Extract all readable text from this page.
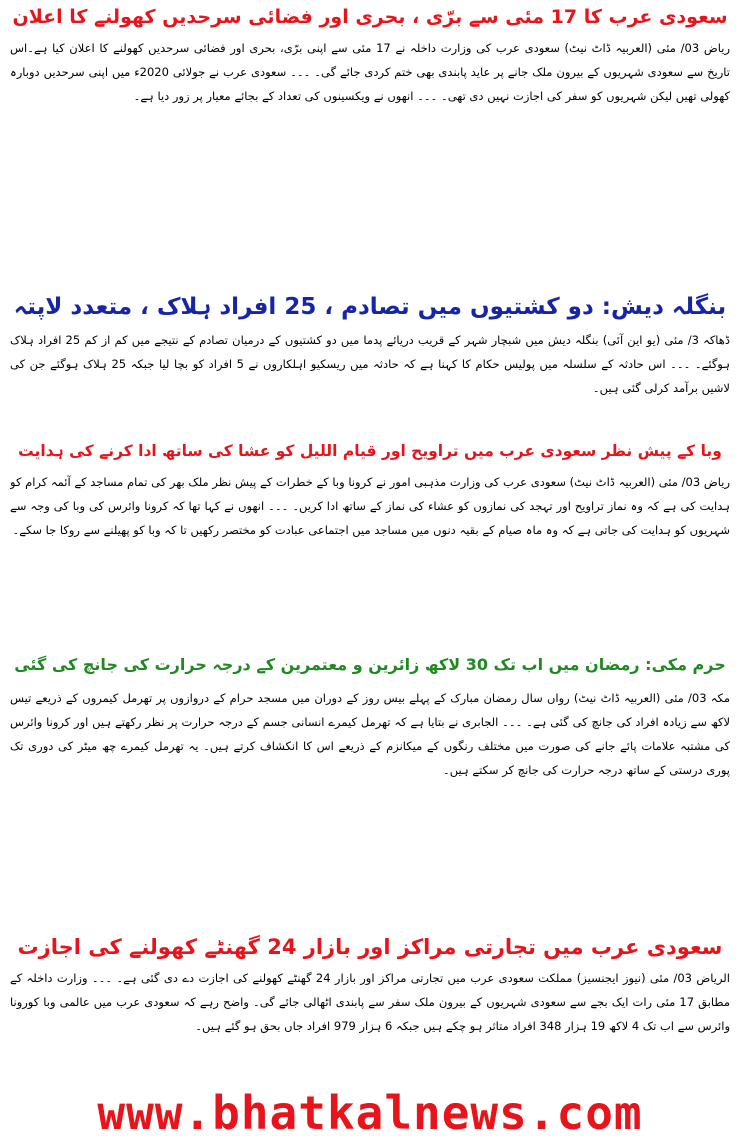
سعودی عرب کا 17 مئی سے برّی ، بحری اور فضائی سرحدیں کھولنے کا اعلان

ریاض 03/ مئی (العربیہ ڈاٹ نیٹ) سعودی عرب کی وزارت داخلہ نے 17 مئی سے اپنی برّی، بحری اور فضائی سرحدیں کھولنے کا اعلان کیا ہے۔اس تاریخ سے سعودی شہریوں کے بیرون ملک جانے پر عاید پابندی بھی ختم کردی جائے گی۔ ۔۔۔ سعودی عرب نے جولائی 2020ء میں اپنی سرحدیں دوبارہ کھولی تھیں لیکن شہریوں کو سفر کی اجازت نہیں دی تھی۔ ۔۔۔ انھوں نے ویکسینوں کی تعداد کے بجائے معیار پر زور دیا ہے۔

بنگلہ دیش: دو کشتیوں میں تصادم ، 25 افراد ہلاک ، متعدد لاپتہ

ڈھاکہ 3/ مئی (یو این آئی) بنگلہ دیش میں شبچار شہر کے قریب دریائے پدما میں دو کشتیوں کے درمیان تصادم کے نتیجے میں کم از کم 25 افراد ہلاک ہوگئے۔ ۔۔۔ اس حادثہ کے سلسلہ میں پولیس حکام کا کہنا ہے کہ حادثہ میں ریسکیو اہلکاروں نے 5 افراد کو بچا لیا جبکہ 25 ہلاک ہوگئے جن کی لاشیں برآمد کرلی گئی ہیں۔

وبا کے پیش نظر سعودی عرب میں تراویح اور قیام اللیل کو عشا کی ساتھ ادا کرنے کی ہدایت

ریاض 03/ مئی (العربیہ ڈاٹ نیٹ) سعودی عرب کی وزارت مذہبی امور نے کرونا وبا کے خطرات کے پیش نظر ملک بھر کی تمام مساجد کے آئمہ کرام کو ہدایت کی ہے کہ وہ نماز تراویح اور تہجد کی نمازوں کو عشاء کی نماز کے ساتھ ادا کریں۔ ۔۔۔ انھوں نے کہا تھا کہ کرونا وائرس کی وبا کی وجہ سے شہریوں کو ہدایت کی جاتی ہے کہ وہ ماہ صیام کے بقیہ دنوں میں مساجد میں اجتماعی عبادت کو مختصر رکھیں تا کہ وبا کو پھیلنے سے روکا جا سکے۔

حرم مکی: رمضان میں اب تک 30 لاکھ زائرین و معتمرین کے درجہ حرارت کی جانچ کی گئی

مکہ 03/ مئی (العربیہ ڈاٹ نیٹ) رواں سال رمضان مبارک کے پہلے بیس روز کے دوران میں مسجد حرام کے دروازوں پر تھرمل کیمروں کے ذریعے تیس لاکھ سے زیادہ افراد کی جانچ کی گئی ہے۔ ۔۔۔ الجابری نے بتایا ہے کہ تھرمل کیمرے انسانی جسم کے درجہ حرارت پر نظر رکھتے ہیں اور کرونا وائرس کی مشتبہ علامات پائے جانے کی صورت میں مختلف رنگوں کے میکانزم کے ذریعے اس کا انکشاف کرتے ہیں۔ یہ تھرمل کیمرے چھ میٹر کی دوری تک پوری درستی کے ساتھ درجہ حرارت کی جانچ کر سکتے ہیں۔

سعودی عرب میں تجارتی مراکز اور بازار 24 گھنٹے کھولنے کی اجازت

الریاض 03/ مئی (نیوز ایجنسیز) مملکت سعودی عرب میں تجارتی مراکز اور بازار 24 گھنٹے کھولنے کی اجازت دے دی گئی ہے۔ ۔۔۔ وزارت داخلہ کے مطابق 17 مئی رات ایک بجے سے سعودی شہریوں کے بیرون ملک سفر سے پابندی اٹھالی جائے گی۔ واضح رہے کہ سعودی عرب میں عالمی وبا کورونا وائرس سے اب تک 4 لاکھ 19 ہزار 348 افراد متاثر ہو چکے ہیں جبکہ 6 ہزار 979 افراد جاں بحق ہو گئے ہیں۔

www.bhatkalnews.com
